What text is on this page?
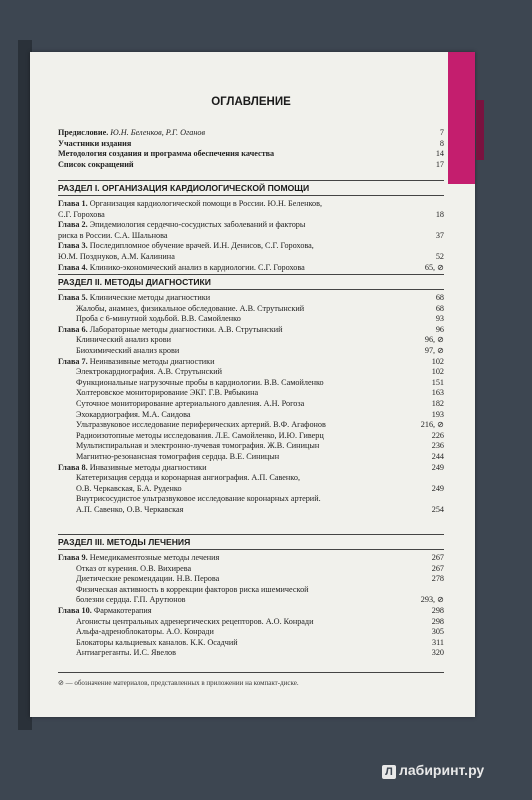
ОГЛАВЛЕНИЕ
Предисловие. Ю.Н. Беленков, Р.Г. Оганов	7
Участники издания	8
Методология создания и программа обеспечения качества	14
Список сокращений	17
РАЗДЕЛ I. ОРГАНИЗАЦИЯ КАРДИОЛОГИЧЕСКОЙ ПОМОЩИ
Глава 1. Организация кардиологической помощи в России. Ю.Н. Беленков,
С.Г. Горохова	18
Глава 2. Эпидемиология сердечно-сосудистых заболеваний и факторы
риска в России. С.А. Шальнова	37
Глава 3. Последипломное обучение врачей. И.Н. Денисов, С.Г. Горохова,
Ю.М. Позднyков, А.М. Калинина	52
Глава 4. Клинико-экономический анализ в кардиологии. С.Г. Горохова	65, ⊘
РАЗДЕЛ II. МЕТОДЫ ДИАГНОСТИКИ
Глава 5. Клинические методы диагностики	68
Жалобы, анамнез, физикальное обследование. А.В. Струтынский	68
Проба с 6-минутной ходьбой. В.В. Самойленко	93
Глава 6. Лабораторные методы диагностики. А.В. Струтынский	96
Клинический анализ крови	96, ⊘
Биохимический анализ крови	97, ⊘
Глава 7. Неинвазивные методы диагностики	102
Электрокардиография. А.В. Струтынский	102
Функциональные нагрузочные пробы в кардиологии. В.В. Самойленко	151
Холтеровское мониторирование ЭКГ. Г.В. Рябыкина	163
Суточное мониторирование артериального давления. А.Н. Рогоза	182
Эхокардиография. М.А. Саидова	193
Ультразвуковое исследование периферических артерий. В.Ф. Агафонов	216, ⊘
Радиоизотопные методы исследования. Л.Е. Самойленко, И.Ю. Гиверц	226
Мультиспиральная и электронно-лучевая томография. Ж.В. Синицын	236
Магнитно-резонансная томография сердца. В.Е. Синицын	244
Глава 8. Инвазивные методы диагностики	249
Катетеризация сердца и коронарная ангиография. А.П. Савенко,
О.В. Черкавская, Б.А. Руденко	249
Внутрисосудистое ультразвуковое исследование коронарных артерий.
А.П. Савенко, О.В. Черкавская	254
РАЗДЕЛ III. МЕТОДЫ ЛЕЧЕНИЯ
Глава 9. Немедикаментозные методы лечения	267
Отказ от курения. О.В. Вихирева	267
Диетические рекомендации. Н.В. Перова	278
Физическая активность в коррекции факторов риска ишемической
болезни сердца. Г.П. Арутюнов	293, ⊘
Глава 10. Фармакотерапия	298
Агонисты центральных адренергических рецепторов. А.О. Конради	298
Альфа-адреноблокаторы. А.О. Конради	305
Блокаторы кальциевых каналов. К.К. Осадчий	311
Антиагреганты. И.С. Явелов	320
⊘ — обозначение материалов, представленных в приложении на компакт-диске.
Л лабиринт.ру
